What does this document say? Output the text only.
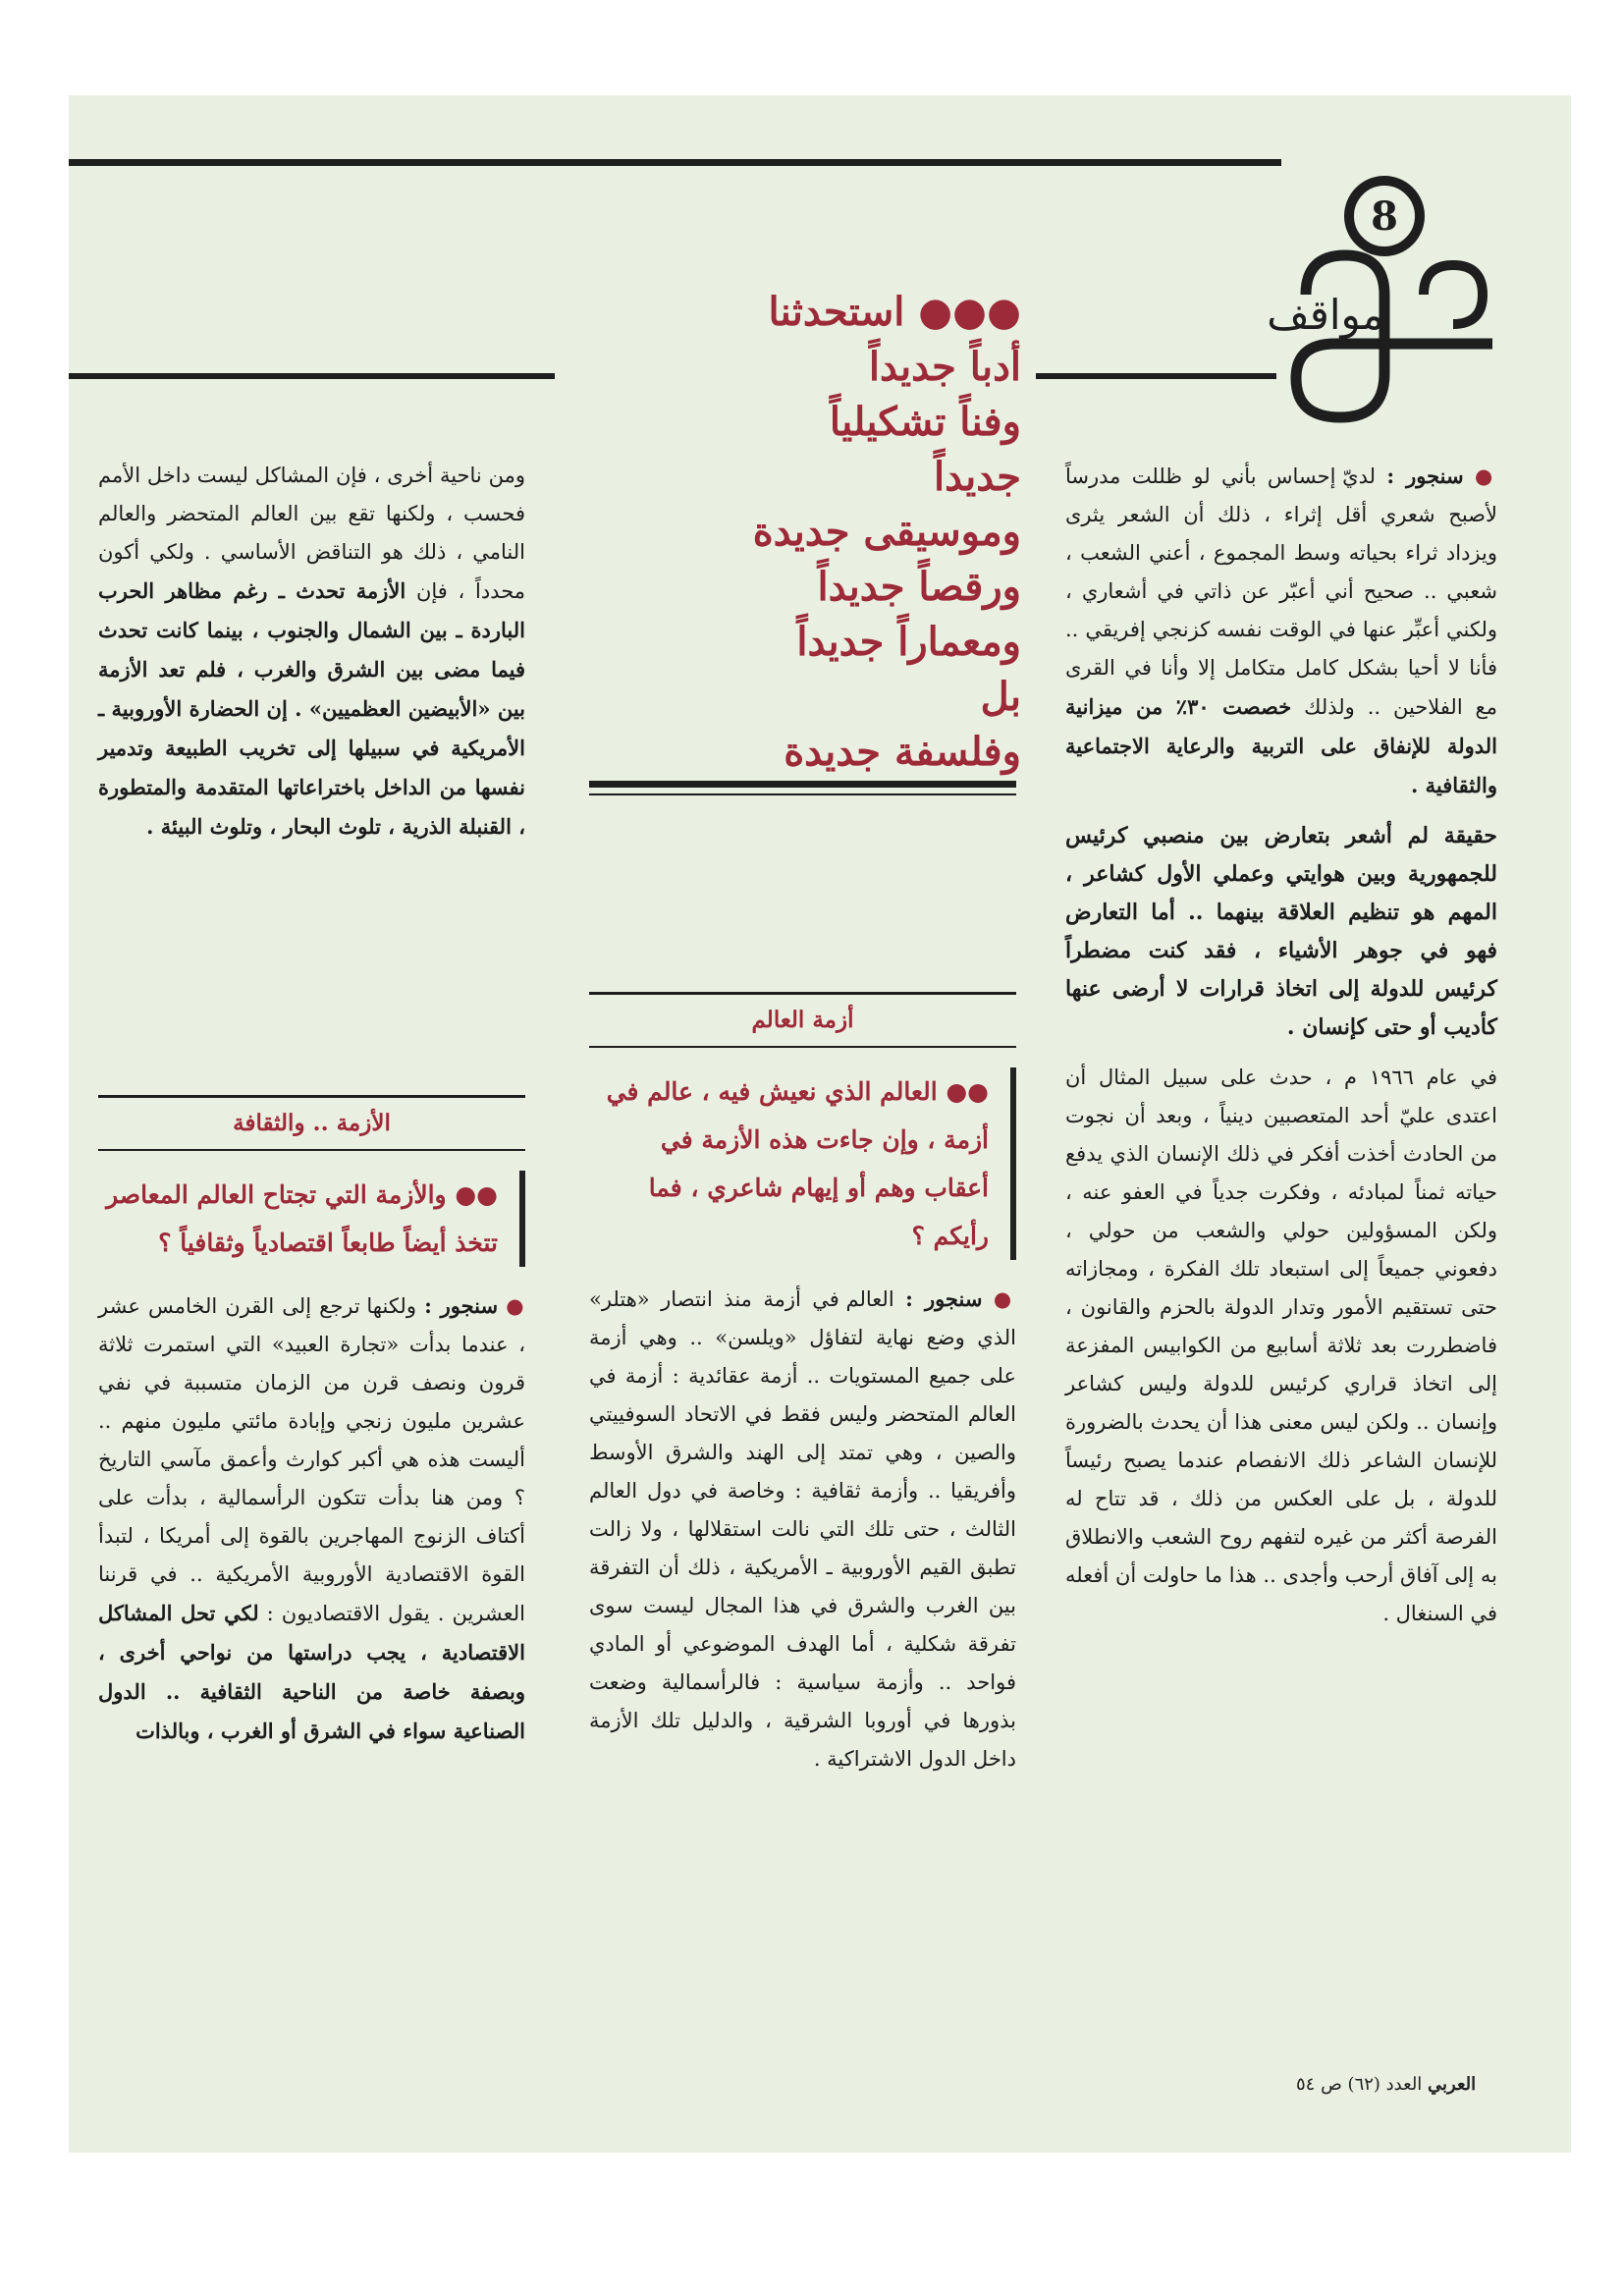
8
مواقف
●●● استحدثنا
أدباً جديداً
وفناً تشكيلياً
جديداً
وموسيقى جديدة
ورقصاً جديداً
ومعماراً جديداً
بل
وفلسفة جديدة

● سنجور : لديّ إحساس بأني لو ظللت مدرساً لأصبح شعري أقل إثراء ، ذلك أن الشعر يثرى ويزداد ثراء بحياته وسط المجموع ، أعني الشعب ، شعبي .. صحيح أني أعبّر عن ذاتي في أشعاري ، ولكني أعبِّر عنها في الوقت نفسه كزنجي إفريقي .. فأنا لا أحيا بشكل كامل متكامل إلا وأنا في القرى مع الفلاحين .. ولذلك خصصت ٣٠٪ من ميزانية الدولة للإنفاق على التربية والرعاية الاجتماعية والثقافية .

حقيقة لم أشعر بتعارض بين منصبي كرئيس للجمهورية وبين هوايتي وعملي الأول كشاعر ، المهم هو تنظيم العلاقة بينهما .. أما التعارض فهو في جوهر الأشياء ، فقد كنت مضطراً كرئيس للدولة إلى اتخاذ قرارات لا أرضى عنها كأديب أو حتى كإنسان .

في عام ١٩٦٦ م ، حدث على سبيل المثال أن اعتدى عليّ أحد المتعصبين دينياً ، وبعد أن نجوت من الحادث أخذت أفكر في ذلك الإنسان الذي يدفع حياته ثمناً لمبادئه ، وفكرت جدياً في العفو عنه ، ولكن المسؤولين حولي والشعب من حولي ، دفعوني جميعاً إلى استبعاد تلك الفكرة ، ومجازاته حتى تستقيم الأمور وتدار الدولة بالحزم والقانون ، فاضطررت بعد ثلاثة أسابيع من الكوابيس المفزعة إلى اتخاذ قراري كرئيس للدولة وليس كشاعر وإنسان .. ولكن ليس معنى هذا أن يحدث بالضرورة للإنسان الشاعر ذلك الانفصام عندما يصبح رئيساً للدولة ، بل على العكس من ذلك ، قد تتاح له الفرصة أكثر من غيره لتفهم روح الشعب والانطلاق به إلى آفاق أرحب وأجدى .. هذا ما حاولت أن أفعله في السنغال .

أزمة العالم
●● العالم الذي نعيش فيه ، عالم في أزمة ، وإن جاءت هذه الأزمة في أعقاب وهم أو إيهام شاعري ، فما رأيكم ؟

● سنجور : العالم في أزمة منذ انتصار «هتلر» الذي وضع نهاية لتفاؤل «ويلسن» .. وهي أزمة على جميع المستويات .. أزمة عقائدية : أزمة في العالم المتحضر وليس فقط في الاتحاد السوفييتي والصين ، وهي تمتد إلى الهند والشرق الأوسط وأفريقيا .. وأزمة ثقافية : وخاصة في دول العالم الثالث ، حتى تلك التي نالت استقلالها ، ولا زالت تطبق القيم الأوروبية ـ الأمريكية ، ذلك أن التفرقة بين الغرب والشرق في هذا المجال ليست سوى تفرقة شكلية ، أما الهدف الموضوعي أو المادي فواحد .. وأزمة سياسية : فالرأسمالية وضعت بذورها في أوروبا الشرقية ، والدليل تلك الأزمة داخل الدول الاشتراكية .

ومن ناحية أخرى ، فإن المشاكل ليست داخل الأمم فحسب ، ولكنها تقع بين العالم المتحضر والعالم النامي ، ذلك هو التناقض الأساسي . ولكي أكون محدداً ، فإن الأزمة تحدث ـ رغم مظاهر الحرب الباردة ـ بين الشمال والجنوب ، بينما كانت تحدث فيما مضى بين الشرق والغرب ، فلم تعد الأزمة بين «الأبيضين العظميين» . إن الحضارة الأوروبية ـ الأمريكية في سبيلها إلى تخريب الطبيعة وتدمير نفسها من الداخل باختراعاتها المتقدمة والمتطورة ، القنبلة الذرية ، تلوث البحار ، وتلوث البيئة .

الأزمة .. والثقافة
●● والأزمة التي تجتاح العالم المعاصر تتخذ أيضاً طابعاً اقتصادياً وثقافياً ؟

● سنجور : ولكنها ترجع إلى القرن الخامس عشر ، عندما بدأت «تجارة العبيد» التي استمرت ثلاثة قرون ونصف قرن من الزمان متسببة في نفي عشرين مليون زنجي وإبادة مائتي مليون منهم .. أليست هذه هي أكبر كوارث وأعمق مآسي التاريخ ؟ ومن هنا بدأت تتكون الرأسمالية ، بدأت على أكتاف الزنوج المهاجرين بالقوة إلى أمريكا ، لتبدأ القوة الاقتصادية الأوروبية الأمريكية .. في قرننا العشرين . يقول الاقتصاديون : لكي تحل المشاكل الاقتصادية ، يجب دراستها من نواحي أخرى ، وبصفة خاصة من الناحية الثقافية .. الدول الصناعية سواء في الشرق أو الغرب ، وبالذات

العربي العدد (٦٢) ص ٥٤
